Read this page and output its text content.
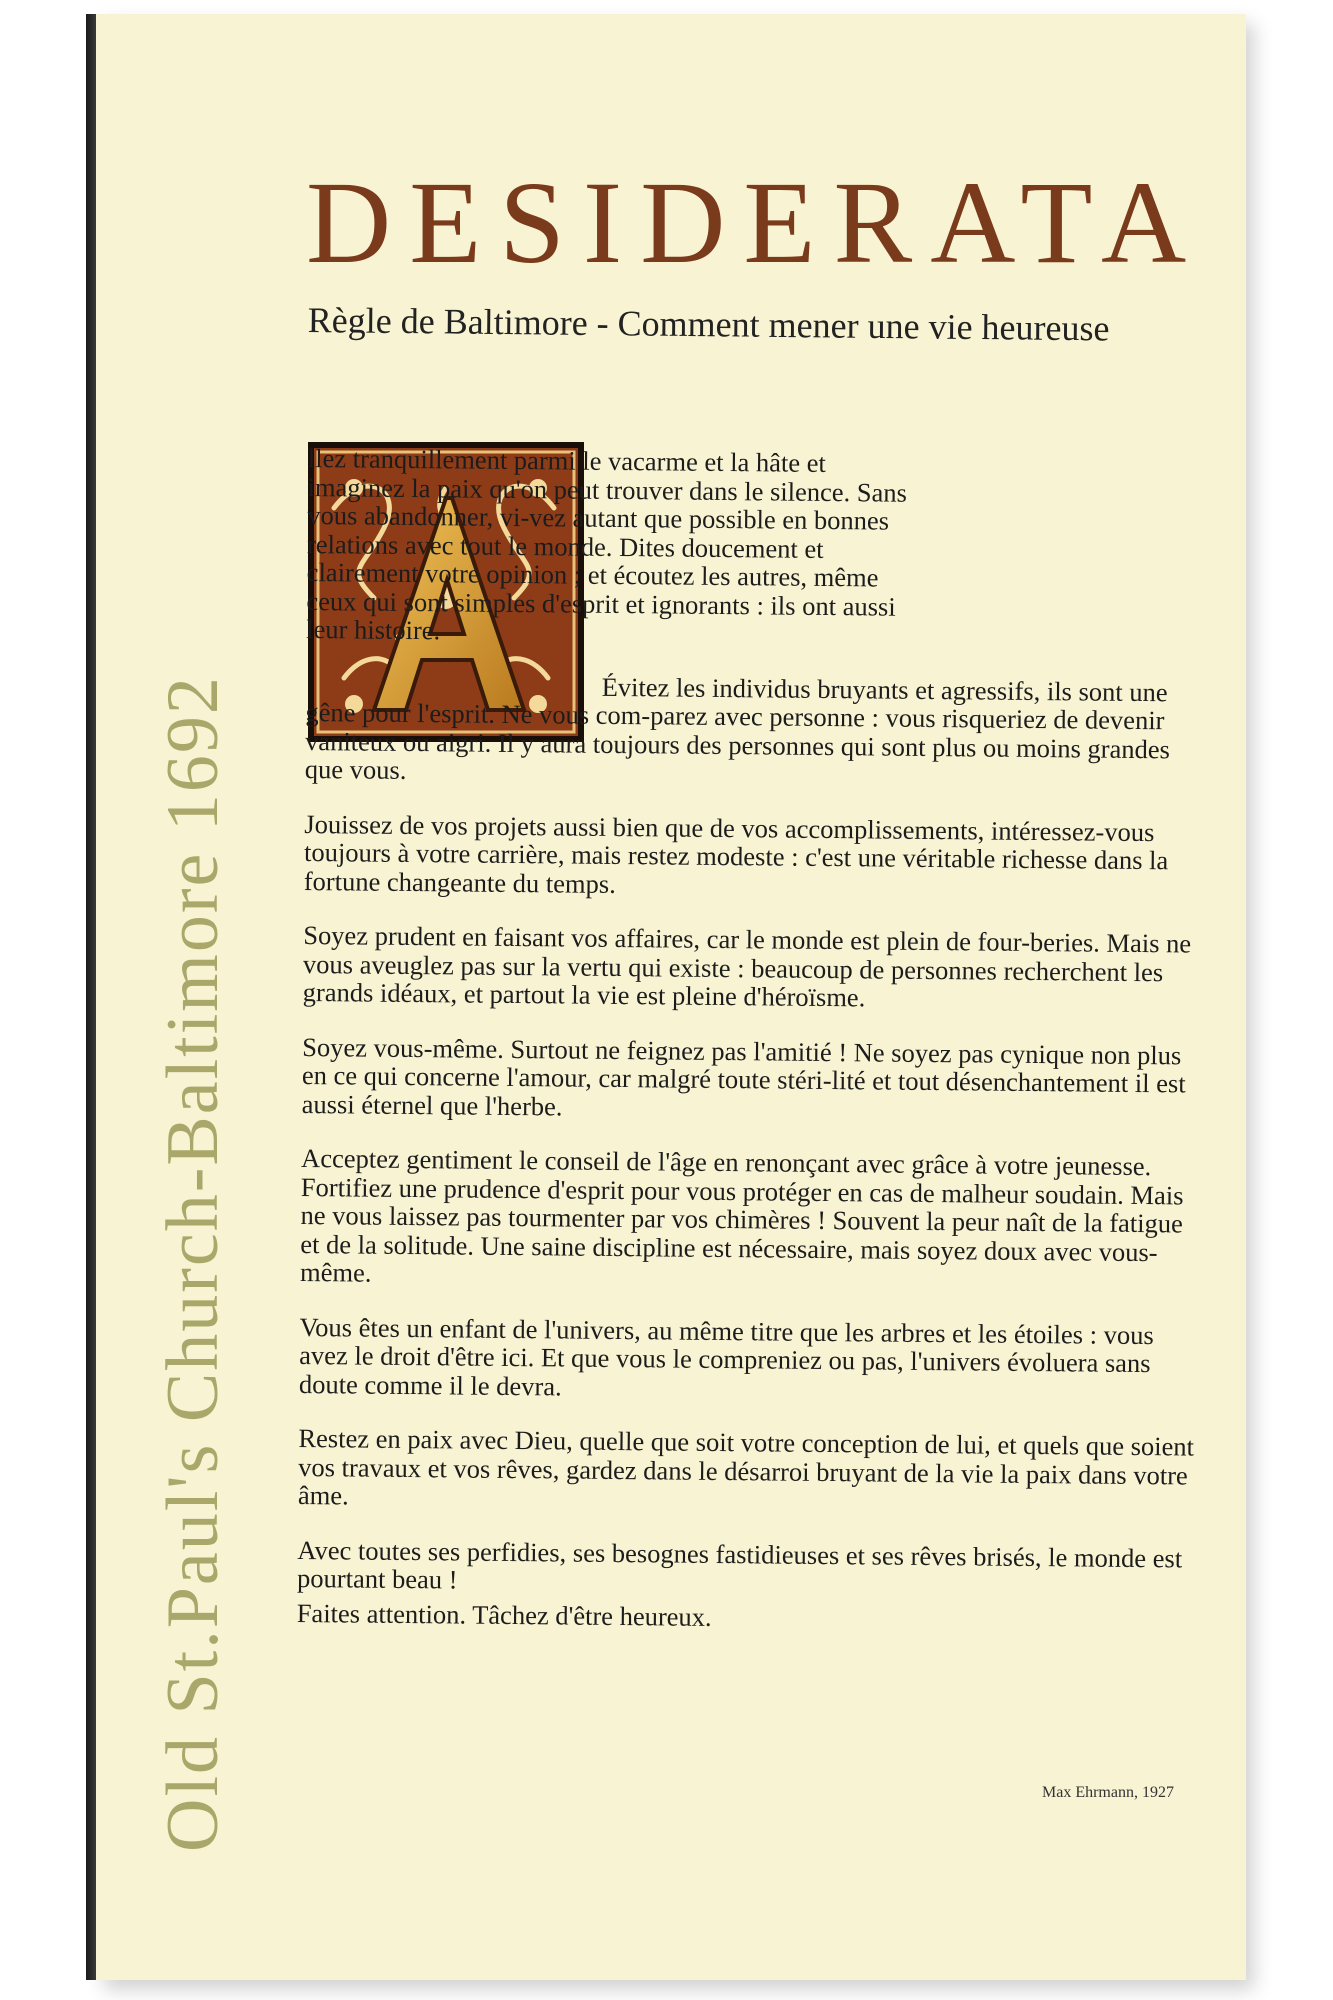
Old St.Paul's Church-Baltimore 1692
DESIDERATA
Règle de Baltimore - Comment mener une vie heureuse

llez tranquillement parmi le vacarme et la hâte et imaginez la paix qu'on peut trouver dans le silence. Sans vous abandonner, vi-vez autant que possible en bonnes relations avec tout le monde. Dites doucement et clairement votre opinion ; et écoutez les autres, même ceux qui sont simples d'esprit et ignorants : ils ont aussi leur histoire.

Évitez les individus bruyants et agressifs, ils sont une gêne pour l'esprit. Ne vous com-parez avec personne : vous risqueriez de devenir vaniteux ou aigri. Il y aura toujours des personnes qui sont plus ou moins grandes que vous.

Jouissez de vos projets aussi bien que de vos accomplissements, intéressez-vous toujours à votre carrière, mais restez modeste : c'est une véritable richesse dans la fortune changeante du temps.

Soyez prudent en faisant vos affaires, car le monde est plein de four-beries. Mais ne vous aveuglez pas sur la vertu qui existe : beaucoup de personnes recherchent les grands idéaux, et partout la vie est pleine d'héroïsme.

Soyez vous-même. Surtout ne feignez pas l'amitié ! Ne soyez pas cynique non plus en ce qui concerne l'amour, car malgré toute stéri-lité et tout désenchantement il est aussi éternel que l'herbe.

Acceptez gentiment le conseil de l'âge en renonçant avec grâce à votre jeunesse. Fortifiez une prudence d'esprit pour vous protéger en cas de malheur soudain. Mais ne vous laissez pas tourmenter par vos chimères ! Souvent la peur naît de la fatigue et de la solitude. Une saine discipline est nécessaire, mais soyez doux avec vous-même.

Vous êtes un enfant de l'univers, au même titre que les arbres et les étoiles : vous avez le droit d'être ici. Et que vous le compreniez ou pas, l'univers évoluera sans doute comme il le devra.

Restez en paix avec Dieu, quelle que soit votre conception de lui, et quels que soient vos travaux et vos rêves, gardez dans le désarroi bruyant de la vie la paix dans votre âme.

Avec toutes ses perfidies, ses besognes fastidieuses et ses rêves brisés, le monde est pourtant beau !

Faites attention. Tâchez d'être heureux.

Max Ehrmann, 1927
